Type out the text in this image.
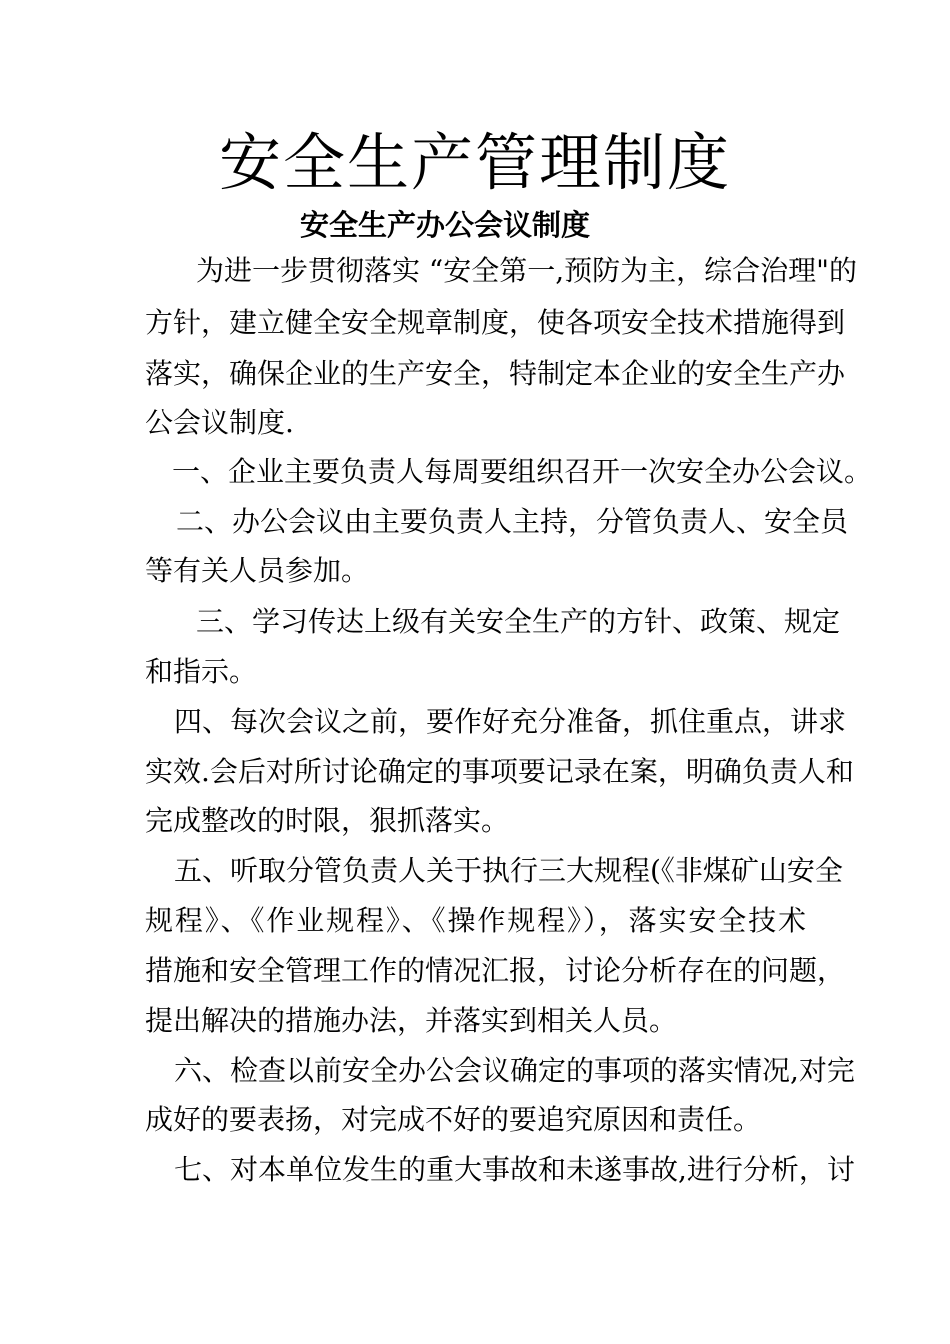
安全生产管理制度
安全生产办公会议制度

为进一步贯彻落实 “安全第一,预防为主，综合治理"的

方针，建立健全安全规章制度，使各项安全技术措施得到

落实，确保企业的生产安全，特制定本企业的安全生产办

公会议制度.

一、企业主要负责人每周要组织召开一次安全办公会议。

二、办公会议由主要负责人主持，分管负责人、安全员

等有关人员参加。

三、学习传达上级有关安全生产的方针、政策、规定

和指示。

四、每次会议之前，要作好充分准备，抓住重点，讲求

实效.会后对所讨论确定的事项要记录在案，明确负责人和

完成整改的时限，狠抓落实。

五、听取分管负责人关于执行三大规程(《非煤矿山安全

规程》、《作业规程》、《操作规程》），落实安全技术

措施和安全管理工作的情况汇报，讨论分析存在的问题，

提出解决的措施办法，并落实到相关人员。

六、检查以前安全办公会议确定的事项的落实情况,对完

成好的要表扬，对完成不好的要追究原因和责任。

七、对本单位发生的重大事故和未遂事故,进行分析，讨
